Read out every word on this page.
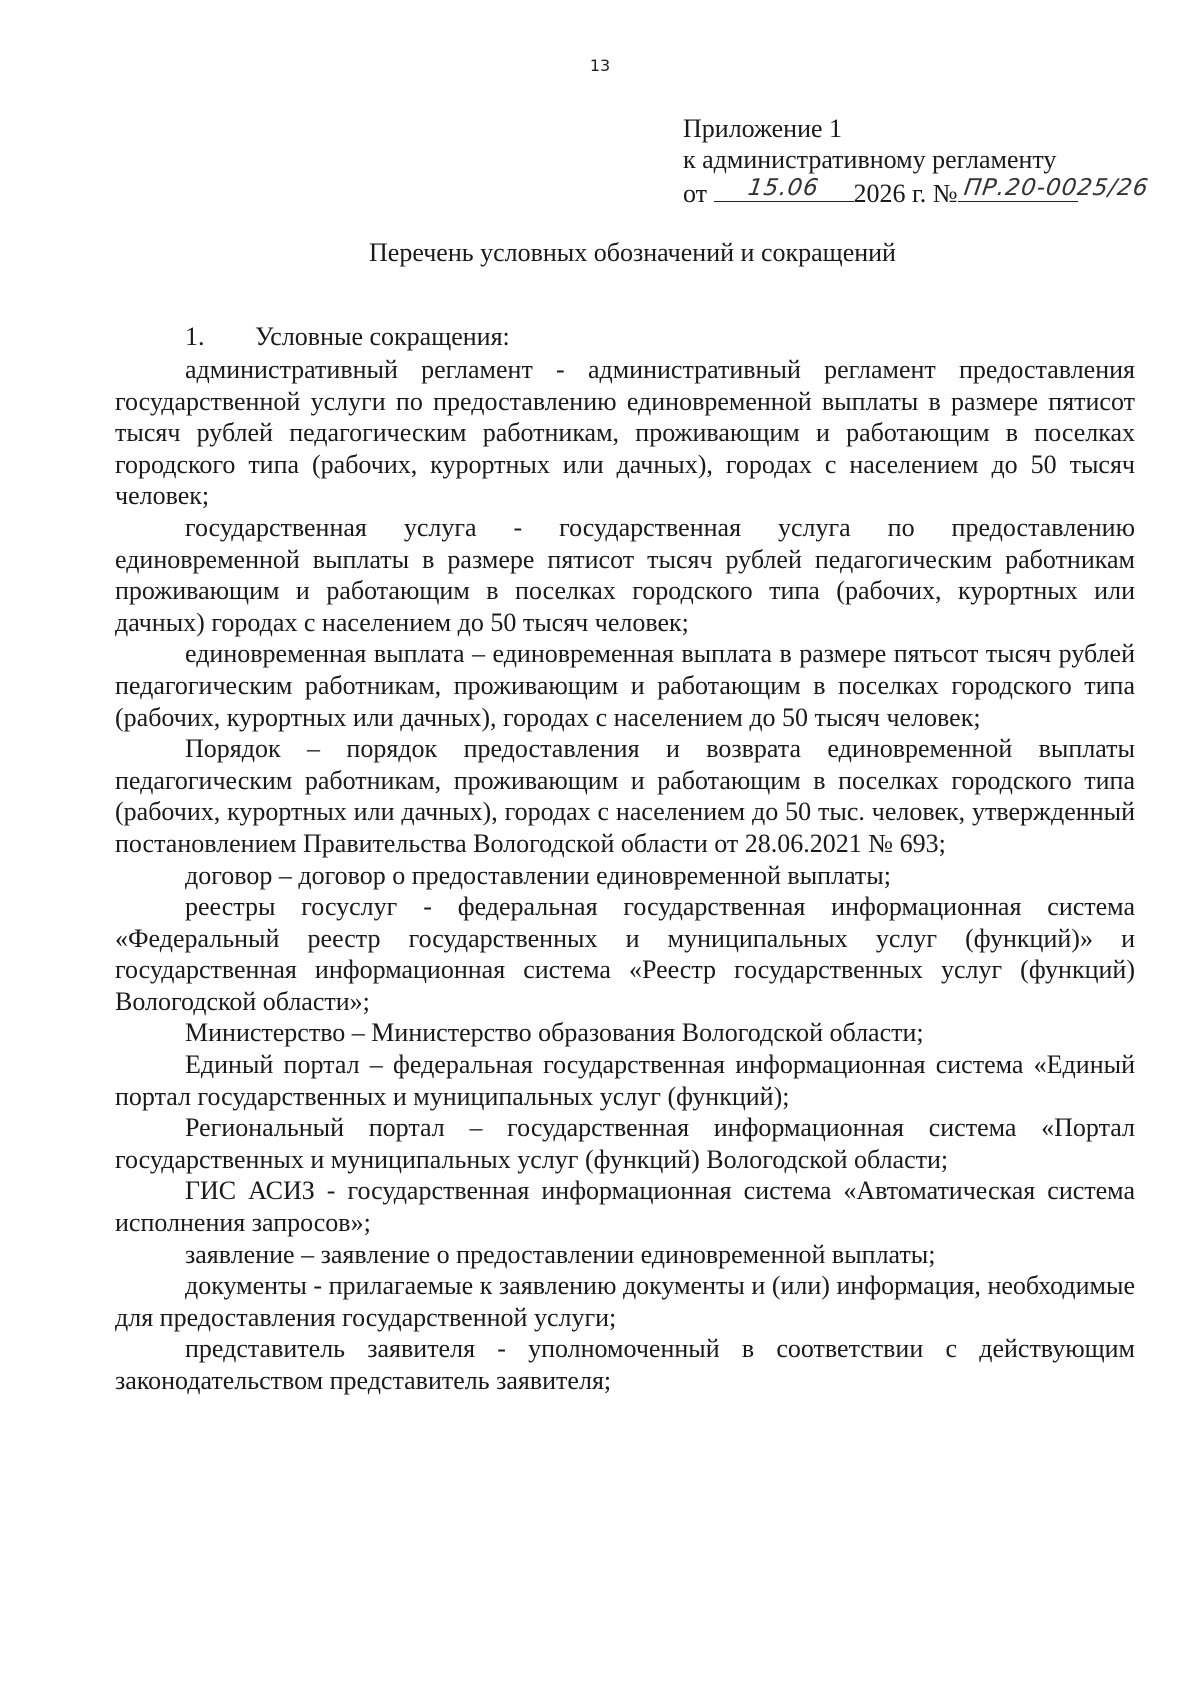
13
Приложение 1
к административному регламенту
от 15.06 2026 г. № ПР.20-0025/26
Перечень условных обозначений и сокращений
1. Условные сокращения:

административный регламент - административный регламент предоставления государственной услуги по предоставлению единовременной выплаты в размере пятисот тысяч рублей педагогическим работникам, проживающим и работающим в поселках городского типа (рабочих, курортных или дачных), городах с населением до 50 тысяч человек;

государственная услуга - государственная услуга по предоставлению единовременной выплаты в размере пятисот тысяч рублей педагогическим работникам проживающим и работающим в поселках городского типа (рабочих, курортных или дачных) городах с населением до 50 тысяч человек;

единовременная выплата – единовременная выплата в размере пятьсот тысяч рублей педагогическим работникам, проживающим и работающим в поселках городского типа (рабочих, курортных или дачных), городах с населением до 50 тысяч человек;

Порядок – порядок предоставления и возврата единовременной выплаты педагогическим работникам, проживающим и работающим в поселках городского типа (рабочих, курортных или дачных), городах с населением до 50 тыс. человек, утвержденный постановлением Правительства Вологодской области от 28.06.2021 № 693;

договор – договор о предоставлении единовременной выплаты;

реестры госуслуг - федеральная государственная информационная система «Федеральный реестр государственных и муниципальных услуг (функций)» и государственная информационная система «Реестр государственных услуг (функций) Вологодской области»;

Министерство – Министерство образования Вологодской области;

Единый портал – федеральная государственная информационная система «Единый портал государственных и муниципальных услуг (функций);

Региональный портал – государственная информационная система «Портал государственных и муниципальных услуг (функций) Вологодской области;

ГИС АСИЗ - государственная информационная система «Автоматическая система исполнения запросов»;

заявление – заявление о предоставлении единовременной выплаты;

документы - прилагаемые к заявлению документы и (или) информация, необходимые для предоставления государственной услуги;

представитель заявителя - уполномоченный в соответствии с действующим законодательством представитель заявителя;
